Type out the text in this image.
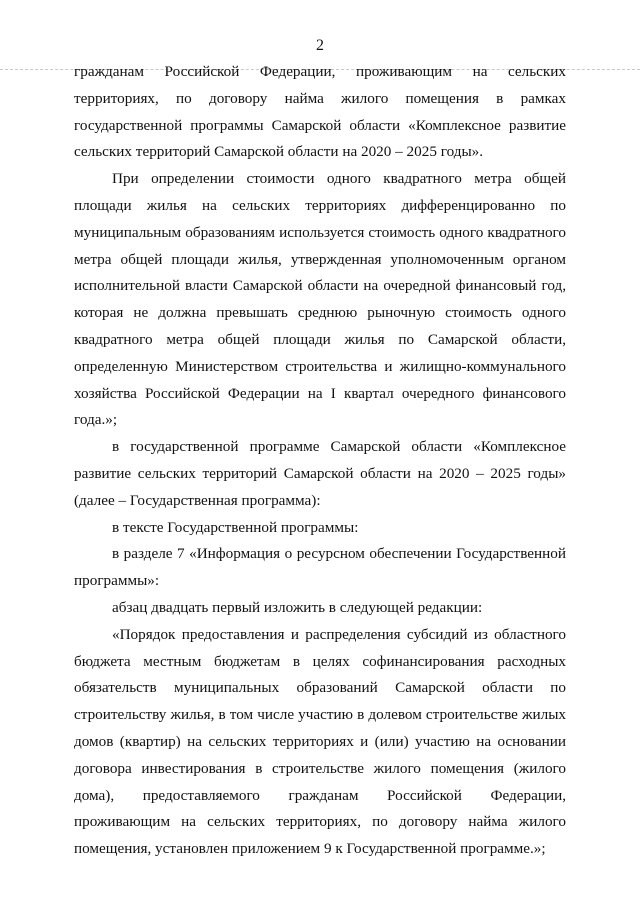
2

гражданам Российской Федерации, проживающим на сельских территориях, по договору найма жилого помещения в рамках государственной программы Самарской области «Комплексное развитие сельских территорий Самарской области на 2020 – 2025 годы».

При определении стоимости одного квадратного метра общей площади жилья на сельских территориях дифференцированно по муниципальным образованиям используется стоимость одного квадратного метра общей площади жилья, утвержденная уполномоченным органом исполнительной власти Самарской области на очередной финансовый год, которая не должна превышать среднюю рыночную стоимость одного квадратного метра общей площади жилья по Самарской области, определенную Министерством строительства и жилищно-коммунального хозяйства Российской Федерации на I квартал очередного финансового года.»;

в государственной программе Самарской области «Комплексное развитие сельских территорий Самарской области на 2020 – 2025 годы» (далее – Государственная программа):

в тексте Государственной программы:

в разделе 7 «Информация о ресурсном обеспечении Государственной программы»:

абзац двадцать первый изложить в следующей редакции:

«Порядок предоставления и распределения субсидий из областного бюджета местным бюджетам в целях софинансирования расходных обязательств муниципальных образований Самарской области по строительству жилья, в том числе участию в долевом строительстве жилых домов (квартир) на сельских территориях и (или) участию на основании договора инвестирования в строительстве жилого помещения (жилого дома), предоставляемого гражданам Российской Федерации, проживающим на сельских территориях, по договору найма жилого помещения, установлен приложением 9 к Государственной программе.»;
